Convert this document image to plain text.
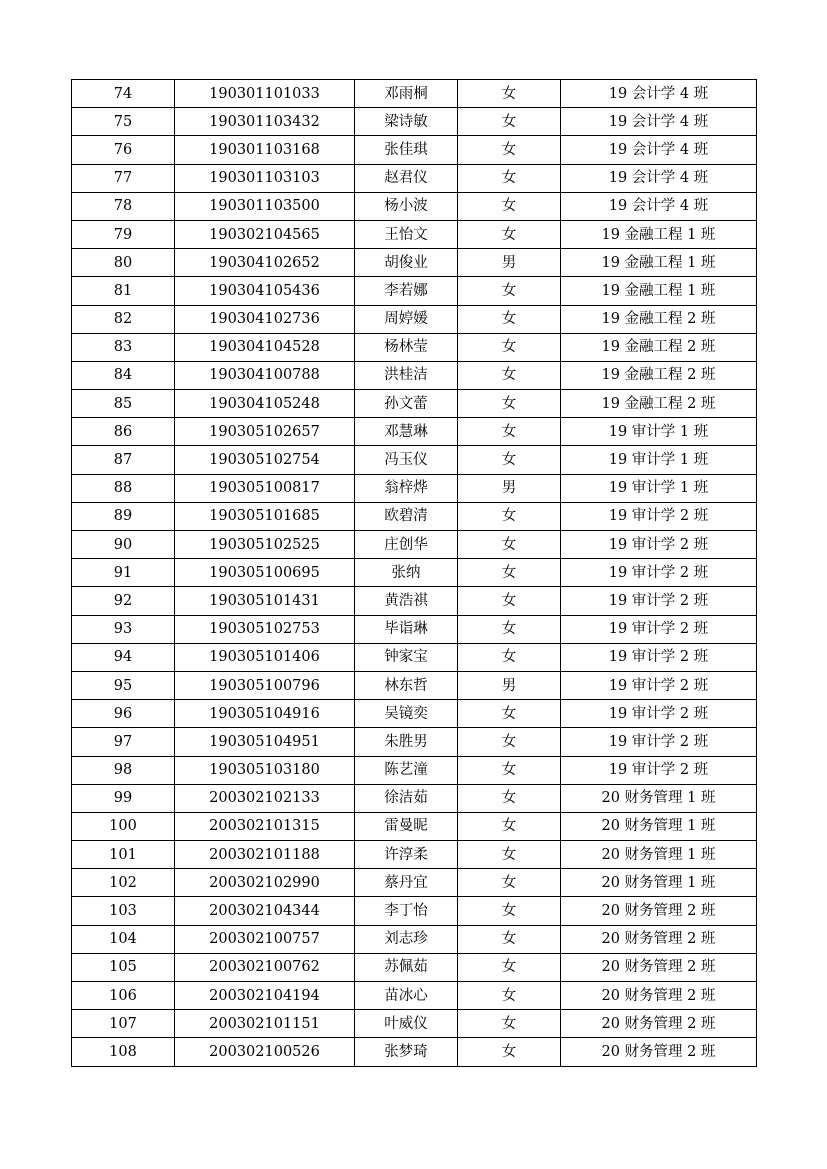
74	190301101033	邓雨桐	女	19 会计学 4 班
75	190301103432	梁诗敏	女	19 会计学 4 班
76	190301103168	张佳琪	女	19 会计学 4 班
77	190301103103	赵君仪	女	19 会计学 4 班
78	190301103500	杨小波	女	19 会计学 4 班
79	190302104565	王怡文	女	19 金融工程 1 班
80	190304102652	胡俊业	男	19 金融工程 1 班
81	190304105436	李若娜	女	19 金融工程 1 班
82	190304102736	周婷媛	女	19 金融工程 2 班
83	190304104528	杨林莹	女	19 金融工程 2 班
84	190304100788	洪桂洁	女	19 金融工程 2 班
85	190304105248	孙文蕾	女	19 金融工程 2 班
86	190305102657	邓慧琳	女	19 审计学 1 班
87	190305102754	冯玉仪	女	19 审计学 1 班
88	190305100817	翁梓烨	男	19 审计学 1 班
89	190305101685	欧碧清	女	19 审计学 2 班
90	190305102525	庄创华	女	19 审计学 2 班
91	190305100695	张纳	女	19 审计学 2 班
92	190305101431	黄浩祺	女	19 审计学 2 班
93	190305102753	毕诣琳	女	19 审计学 2 班
94	190305101406	钟家宝	女	19 审计学 2 班
95	190305100796	林东哲	男	19 审计学 2 班
96	190305104916	吴镜奕	女	19 审计学 2 班
97	190305104951	朱胜男	女	19 审计学 2 班
98	190305103180	陈艺潼	女	19 审计学 2 班
99	200302102133	徐洁茹	女	20 财务管理 1 班
100	200302101315	雷曼昵	女	20 财务管理 1 班
101	200302101188	许淳柔	女	20 财务管理 1 班
102	200302102990	蔡丹宜	女	20 财务管理 1 班
103	200302104344	李丁怡	女	20 财务管理 2 班
104	200302100757	刘志珍	女	20 财务管理 2 班
105	200302100762	苏佩茹	女	20 财务管理 2 班
106	200302104194	苗冰心	女	20 财务管理 2 班
107	200302101151	叶威仪	女	20 财务管理 2 班
108	200302100526	张梦琦	女	20 财务管理 2 班
